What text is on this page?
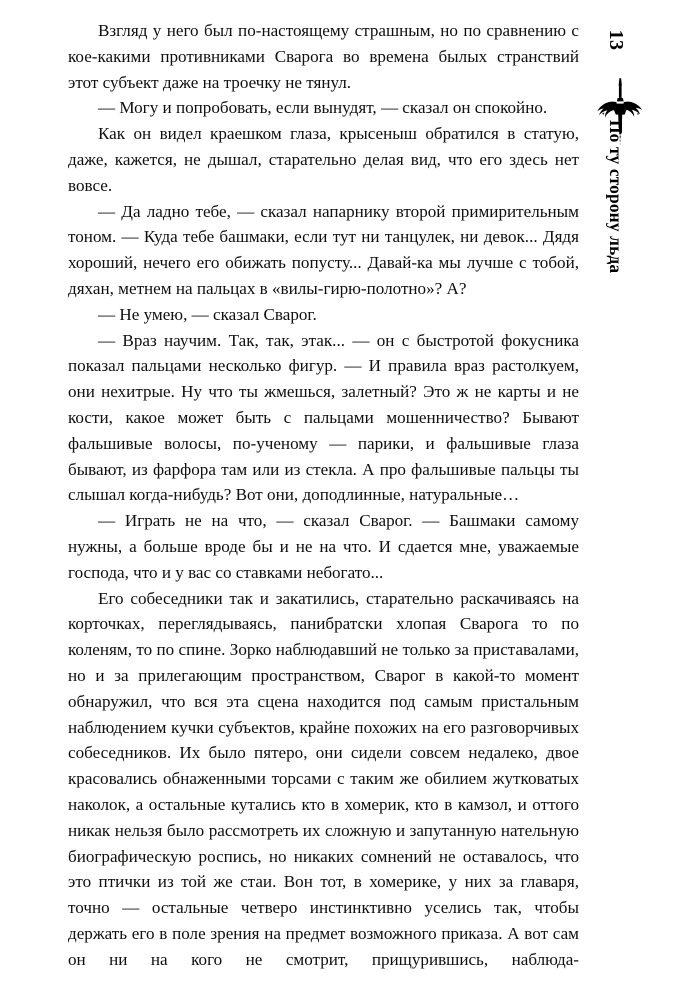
Взгляд у него был по-настоящему страшным, но по сравнению с кое-какими противниками Сварога во времена былых странствий этот субъект даже на троечку не тянул.

— Могу и попробовать, если вынудят, — сказал он спокойно.

Как он видел краешком глаза, крысеныш обратился в статую, даже, кажется, не дышал, старательно делая вид, что его здесь нет вовсе.

— Да ладно тебе, — сказал напарнику второй примирительным тоном. — Куда тебе башмаки, если тут ни танцулек, ни девок... Дядя хороший, нечего его обижать попусту... Давай-ка мы лучше с тобой, дяхан, метнем на пальцах в «вилы-гирю-полотно»? А?

— Не умею, — сказал Сварог.

— Враз научим. Так, так, этак... — он с быстротой фокусника показал пальцами несколько фигур. — И правила враз растолкуем, они нехитрые. Ну что ты жмешься, залетный? Это ж не карты и не кости, какое может быть с пальцами мошенничество? Бывают фальшивые волосы, по-ученому — парики, и фальшивые глаза бывают, из фарфора там или из стекла. А про фальшивые пальцы ты слышал когда-нибудь? Вот они, доподлинные, натуральные…

— Играть не на что, — сказал Сварог. — Башмаки самому нужны, а больше вроде бы и не на что. И сдается мне, уважаемые господа, что и у вас со ставками небогато...

Его собеседники так и закатились, старательно раскачиваясь на корточках, переглядываясь, панибратски хлопая Сварога то по коленям, то по спине. Зорко наблюдавший не только за приставалами, но и за прилегающим пространством, Сварог в какой-то момент обнаружил, что вся эта сцена находится под самым пристальным наблюдением кучки субъектов, крайне похожих на его разговорчивых собеседников. Их было пятеро, они сидели совсем недалеко, двое красовались обнаженными торсами с таким же обилием жутковатых наколок, а остальные кутались кто в хомерик, кто в камзол, и оттого никак нельзя было рассмотреть их сложную и запутанную нательную биографическую роспись, но никаких сомнений не оставалось, что это птички из той же стаи. Вон тот, в хомерике, у них за главаря, точно — остальные четверо инстинктивно уселись так, чтобы держать его в поле зрения на предмет возможного приказа. А вот сам он ни на кого не смотрит, прищурившись, наблюда-

13
По ту сторону льда
